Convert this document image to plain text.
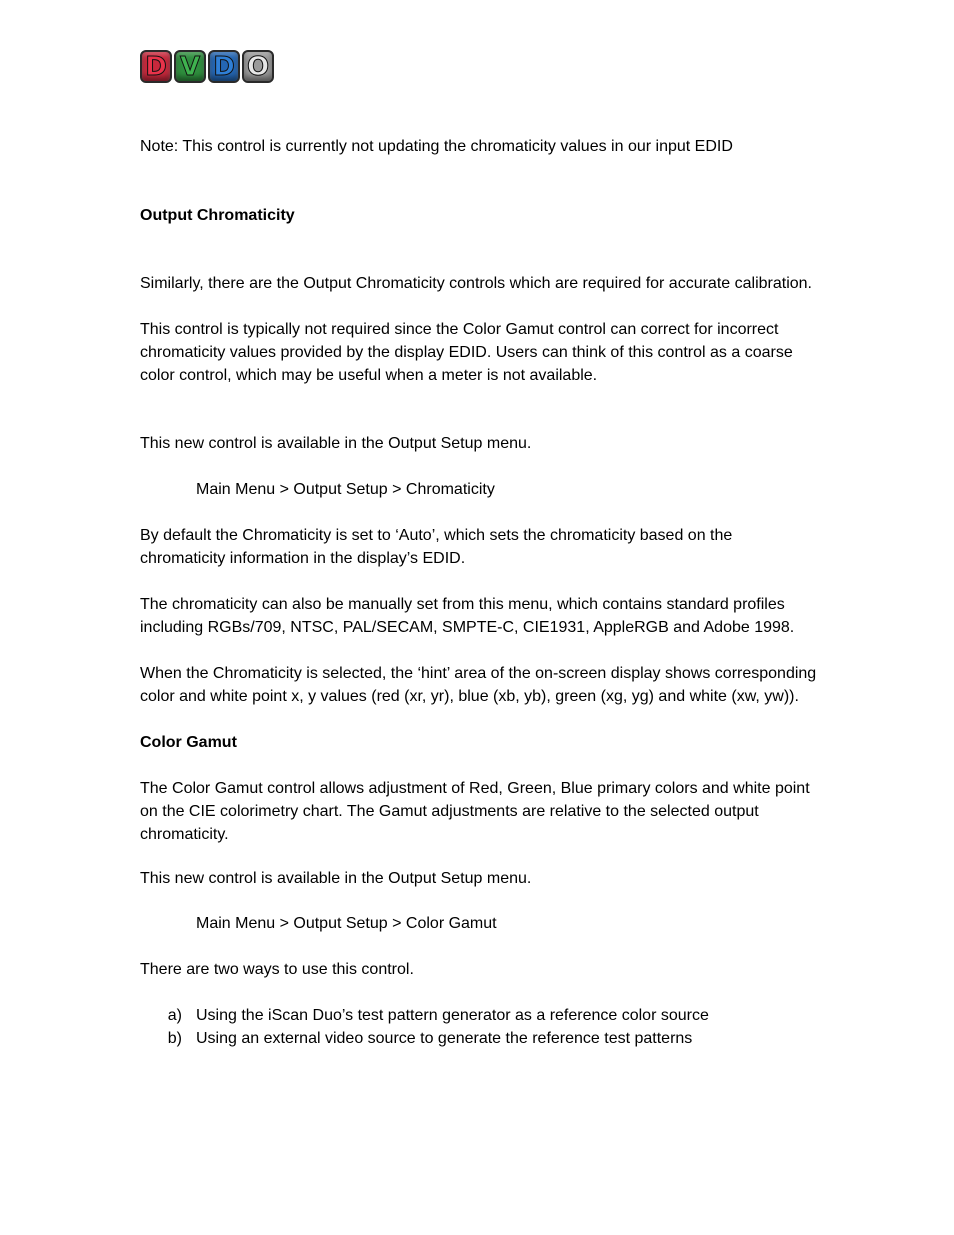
D V D O

Note: This control is currently not updating the chromaticity values in our input EDID

Output Chromaticity

Similarly, there are the Output Chromaticity controls which are required for accurate calibration.

This control is typically not required since the Color Gamut control can correct for incorrect chromaticity values provided by the display EDID. Users can think of this control as a coarse color control, which may be useful when a meter is not available.

This new control is available in the Output Setup menu.

Main Menu > Output Setup > Chromaticity

By default the Chromaticity is set to ‘Auto’, which sets the chromaticity based on the chromaticity information in the display’s EDID.

The chromaticity can also be manually set from this menu, which contains standard profiles including RGBs/709, NTSC, PAL/SECAM, SMPTE-C, CIE1931, AppleRGB and Adobe 1998.

When the Chromaticity is selected, the ‘hint’ area of the on-screen display shows corresponding color and white point x, y values (red (xr, yr), blue (xb, yb), green (xg, yg) and white (xw, yw)).

Color Gamut

The Color Gamut control allows adjustment of Red, Green, Blue primary colors and white point on the CIE colorimetry chart. The Gamut adjustments are relative to the selected output chromaticity.

This new control is available in the Output Setup menu.

Main Menu > Output Setup > Color Gamut

There are two ways to use this control.

a) Using the iScan Duo’s test pattern generator as a reference color source
b) Using an external video source to generate the reference test patterns
